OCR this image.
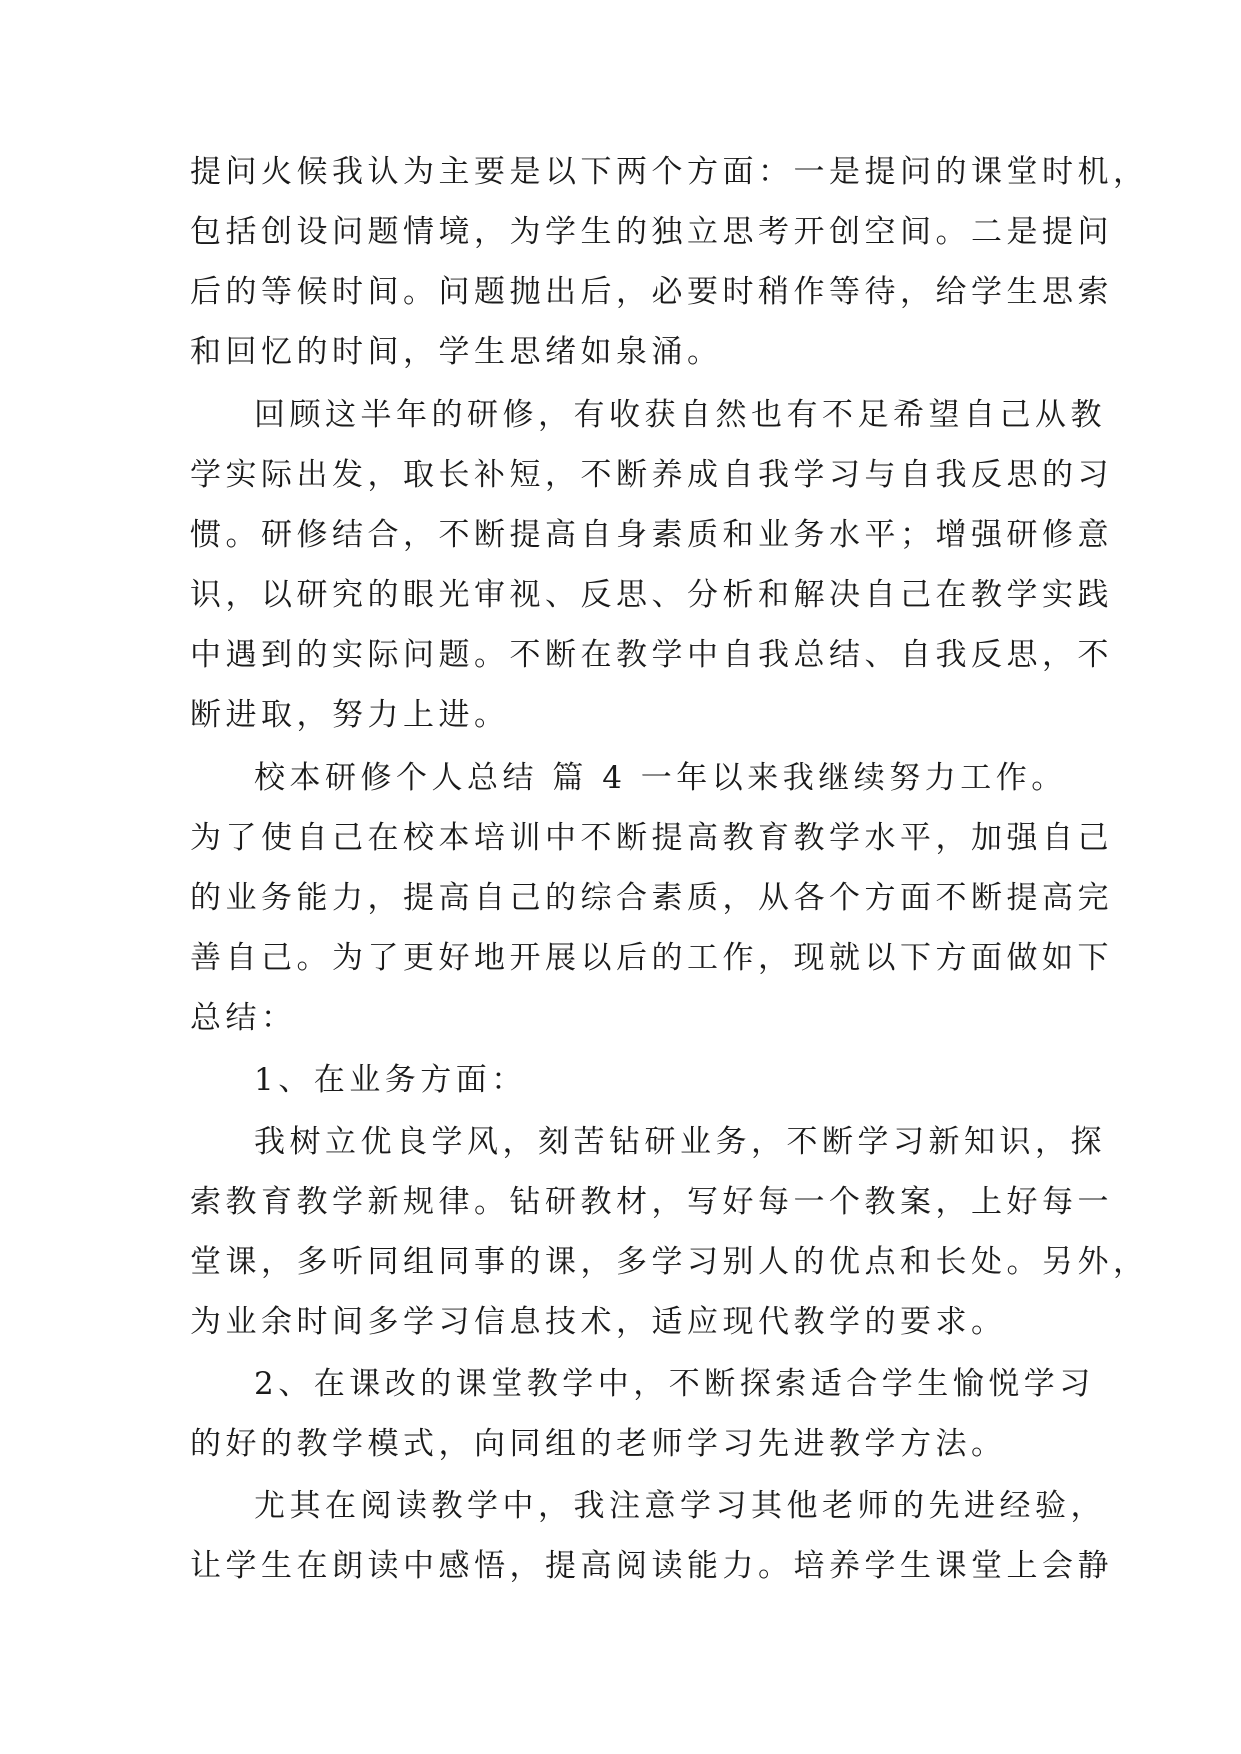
提问火候我认为主要是以下两个方面：一是提问的课堂时机，
包括创设问题情境，为学生的独立思考开创空间。二是提问
后的等候时间。问题抛出后，必要时稍作等待，给学生思索
和回忆的时间，学生思绪如泉涌。
回顾这半年的研修，有收获自然也有不足希望自己从教
学实际出发，取长补短，不断养成自我学习与自我反思的习
惯。研修结合，不断提高自身素质和业务水平；增强研修意
识，以研究的眼光审视、反思、分析和解决自己在教学实践
中遇到的实际问题。不断在教学中自我总结、自我反思，不
断进取，努力上进。
校本研修个人总结 篇 4 一年以来我继续努力工作。
为了使自己在校本培训中不断提高教育教学水平，加强自己
的业务能力，提高自己的综合素质，从各个方面不断提高完
善自己。为了更好地开展以后的工作，现就以下方面做如下
总结：
1、在业务方面：
我树立优良学风，刻苦钻研业务，不断学习新知识，探
索教育教学新规律。钻研教材，写好每一个教案，上好每一
堂课，多听同组同事的课，多学习别人的优点和长处。另外，
为业余时间多学习信息技术，适应现代教学的要求。
2、在课改的课堂教学中，不断探索适合学生愉悦学习
的好的教学模式，向同组的老师学习先进教学方法。
尤其在阅读教学中，我注意学习其他老师的先进经验，
让学生在朗读中感悟，提高阅读能力。培养学生课堂上会静
